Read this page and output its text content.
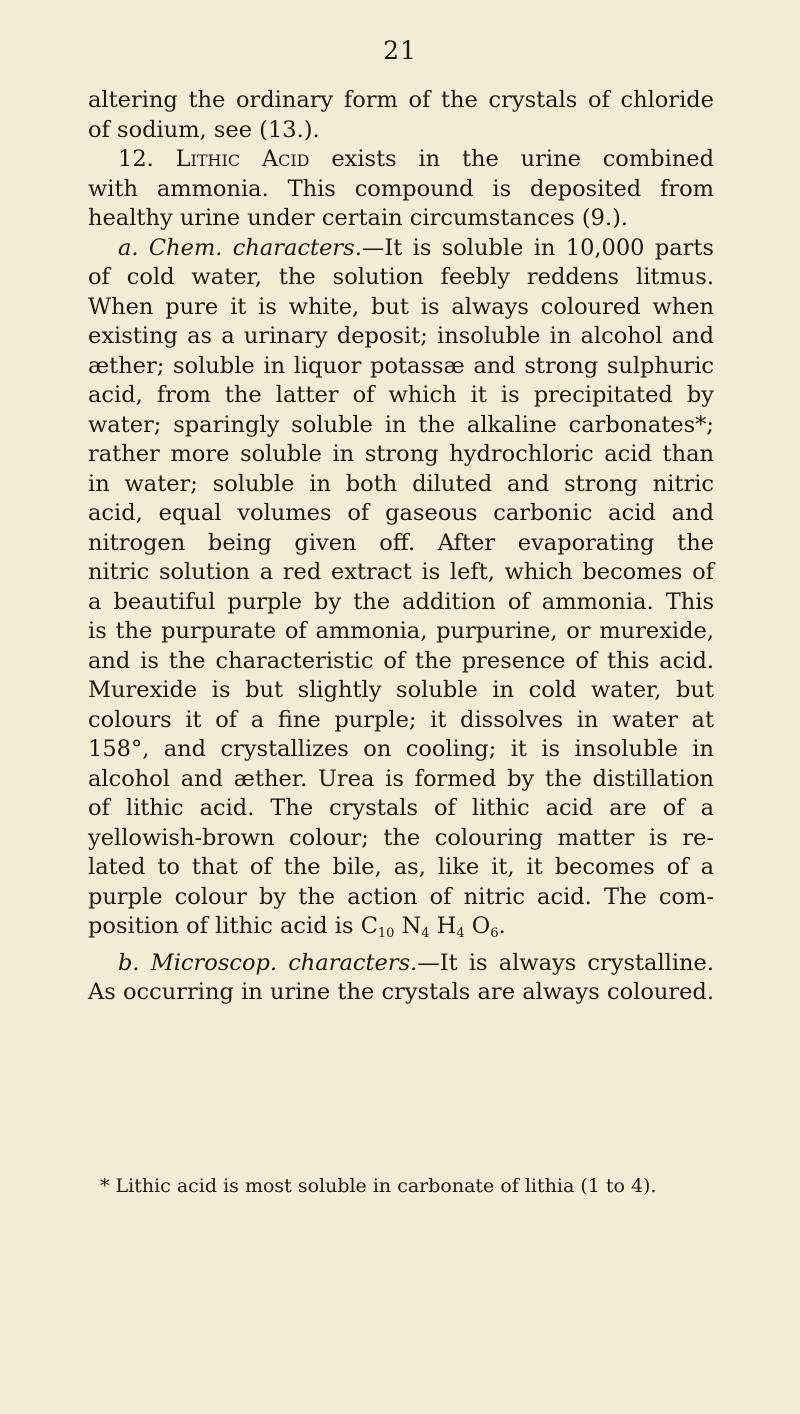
21
altering the ordinary form of the crystals of chloride
of sodium, see (13.).
12. Lithic Acid exists in the urine combined
with ammonia. This compound is deposited from
healthy urine under certain circumstances (9.).
a. Chem. characters.—It is soluble in 10,000 parts
of cold water, the solution feebly reddens litmus.
When pure it is white, but is always coloured when
existing as a urinary deposit; insoluble in alcohol and
æther; soluble in liquor potassæ and strong sulphuric
acid, from the latter of which it is precipitated by
water; sparingly soluble in the alkaline carbonates*;
rather more soluble in strong hydrochloric acid than
in water; soluble in both diluted and strong nitric
acid, equal volumes of gaseous carbonic acid and
nitrogen being given off. After evaporating the
nitric solution a red extract is left, which becomes of
a beautiful purple by the addition of ammonia. This
is the purpurate of ammonia, purpurine, or murexide,
and is the characteristic of the presence of this acid.
Murexide is but slightly soluble in cold water, but
colours it of a fine purple; it dissolves in water at
158°, and crystallizes on cooling; it is insoluble in
alcohol and æther. Urea is formed by the distillation
of lithic acid. The crystals of lithic acid are of a
yellowish-brown colour; the colouring matter is re-
lated to that of the bile, as, like it, it becomes of a
purple colour by the action of nitric acid. The com-
position of lithic acid is $C_{10}$ $N_4$ $H_4$ $O_6$.
b. Microscop. characters.—It is always crystalline.
As occurring in urine the crystals are always coloured.
* Lithic acid is most soluble in carbonate of lithia (1 to 4).
